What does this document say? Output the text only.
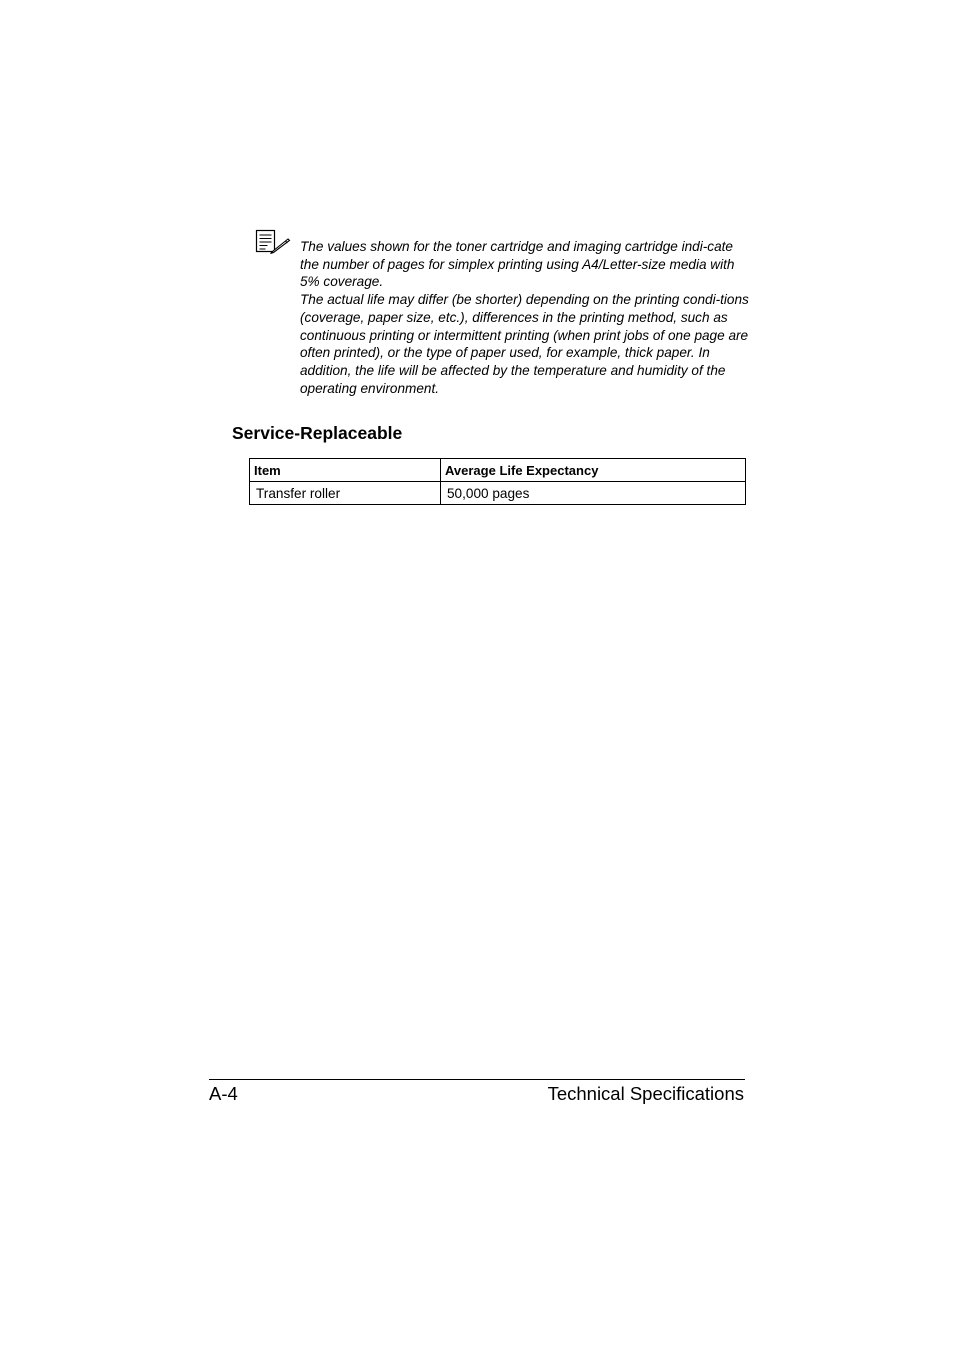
The values shown for the toner cartridge and imaging cartridge indi-cate the number of pages for simplex printing using A4/Letter-size media with 5% coverage.

The actual life may differ (be shorter) depending on the printing condi-tions (coverage, paper size, etc.), differences in the printing method, such as continuous printing or intermittent printing (when print jobs of one page are often printed), or the type of paper used, for example, thick paper. In addition, the life will be affected by the temperature and humidity of the operating environment.

Service-Replaceable
Item	Average Life Expectancy
Transfer roller	50,000 pages
A-4	Technical Specifications
